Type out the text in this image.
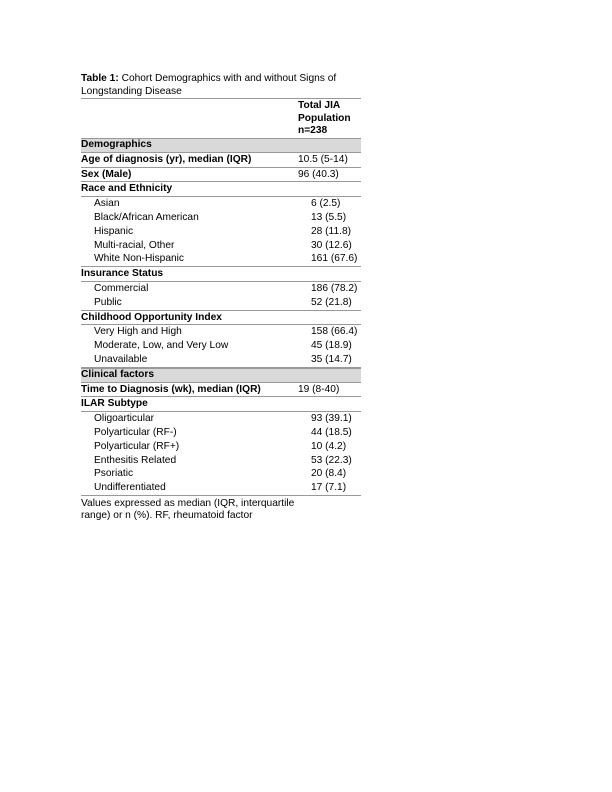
Table 1: Cohort Demographics with and without Signs of Longstanding Disease
Total JIA
Population
n=238
Demographics
Age of diagnosis (yr), median (IQR)	10.5 (5-14)
Sex (Male)	96 (40.3)
Race and Ethnicity
Asian	6 (2.5)
Black/African American	13 (5.5)
Hispanic	28 (11.8)
Multi-racial, Other	30 (12.6)
White Non-Hispanic	161 (67.6)
Insurance Status
Commercial	186 (78.2)
Public	52 (21.8)
Childhood Opportunity Index
Very High and High	158 (66.4)
Moderate, Low, and Very Low	45 (18.9)
Unavailable	35 (14.7)
Clinical factors
Time to Diagnosis (wk), median (IQR)	19 (8-40)
ILAR Subtype
Oligoarticular	93 (39.1)
Polyarticular (RF-)	44 (18.5)
Polyarticular (RF+)	10 (4.2)
Enthesitis Related	53 (22.3)
Psoriatic	20 (8.4)
Undifferentiated	17 (7.1)
Values expressed as median (IQR, interquartile range) or n (%). RF, rheumatoid factor
